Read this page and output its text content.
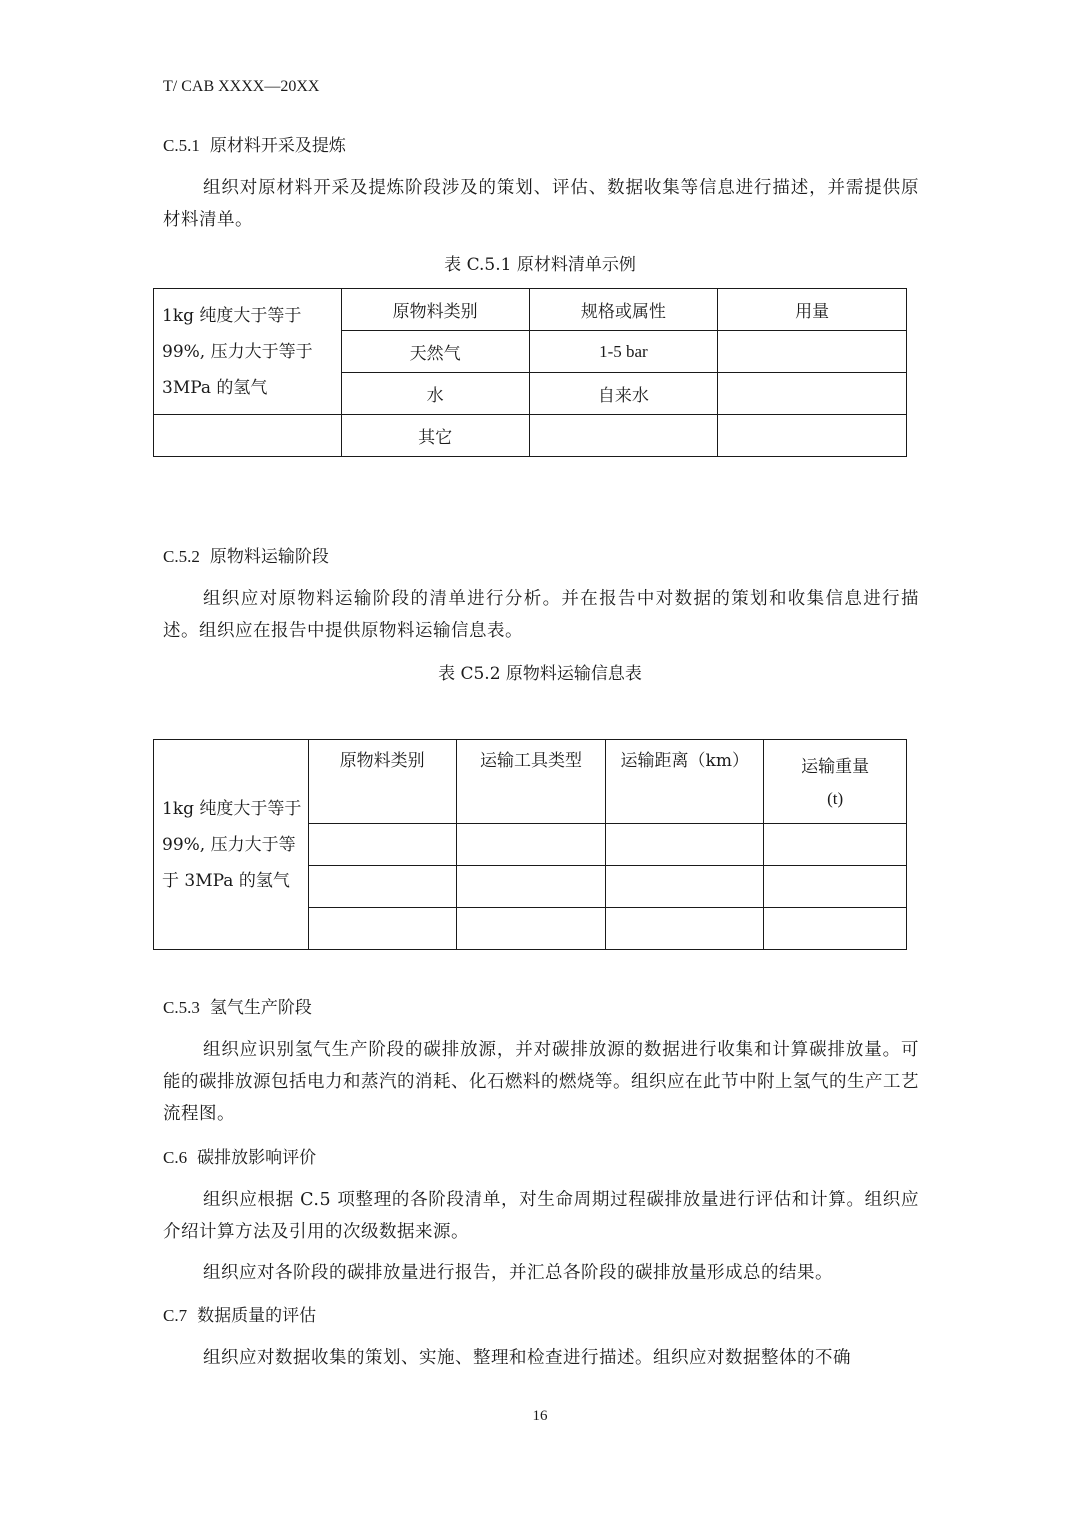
T/ CAB XXXX—20XX
C.5.1 原材料开采及提炼

组织对原材料开采及提炼阶段涉及的策划、评估、数据收集等信息进行描述，并需提供原材料清单。

表 C.5.1 原材料清单示例
1kg 纯度大于等于 99%, 压力大于等于 3MPa 的氢气	原物料类别	规格或属性	用量
	天然气	1-5 bar	
	水	自来水	
	其它		
C.5.2 原物料运输阶段

组织应对原物料运输阶段的清单进行分析。并在报告中对数据的策划和收集信息进行描述。组织应在报告中提供原物料运输信息表。

表 C5.2 原物料运输信息表
1kg 纯度大于等于 99%, 压力大于等于 3MPa 的氢气	原物料类别	运输工具类型	运输距离（km）	运输重量
(t)

C.5.3 氢气生产阶段

组织应识别氢气生产阶段的碳排放源，并对碳排放源的数据进行收集和计算碳排放量。可能的碳排放源包括电力和蒸汽的消耗、化石燃料的燃烧等。组织应在此节中附上氢气的生产工艺流程图。

C.6 碳排放影响评价

组织应根据 C.5 项整理的各阶段清单，对生命周期过程碳排放量进行评估和计算。组织应介绍计算方法及引用的次级数据来源。

组织应对各阶段的碳排放量进行报告，并汇总各阶段的碳排放量形成总的结果。

C.7 数据质量的评估

组织应对数据收集的策划、实施、整理和检查进行描述。组织应对数据整体的不确

16
